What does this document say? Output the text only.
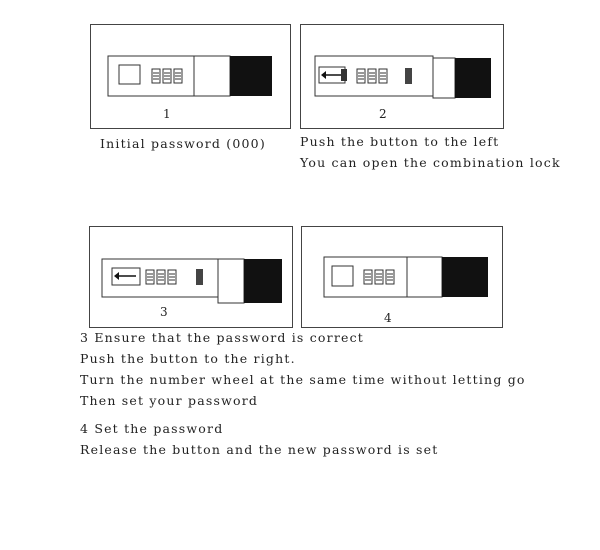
1	2
Initial password (000)	Push the button to the left
You can open the combination lock
3	4
3 Ensure that the password is correct
Push the button to the right.
Turn the number wheel at the same time without letting go
Then set your password
4 Set the password
Release the button and the new password is set
